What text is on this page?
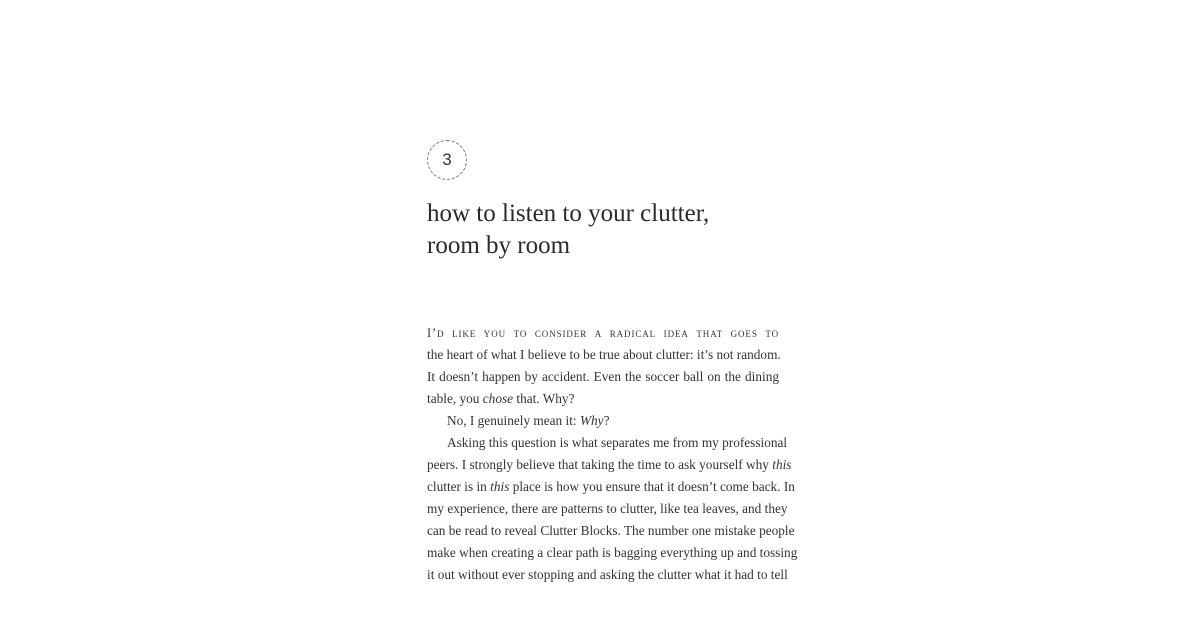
3
how to listen to your clutter,
room by room
I’d like you to consider a radical idea that goes to
the heart of what I believe to be true about clutter: it’s not random.
It doesn’t happen by accident. Even the soccer ball on the dining
table, you chose that. Why?
No, I genuinely mean it: Why?
Asking this question is what separates me from my professional
peers. I strongly believe that taking the time to ask yourself why this
clutter is in this place is how you ensure that it doesn’t come back. In
my experience, there are patterns to clutter, like tea leaves, and they
can be read to reveal Clutter Blocks. The number one mistake people
make when creating a clear path is bagging everything up and tossing
it out without ever stopping and asking the clutter what it had to tell
